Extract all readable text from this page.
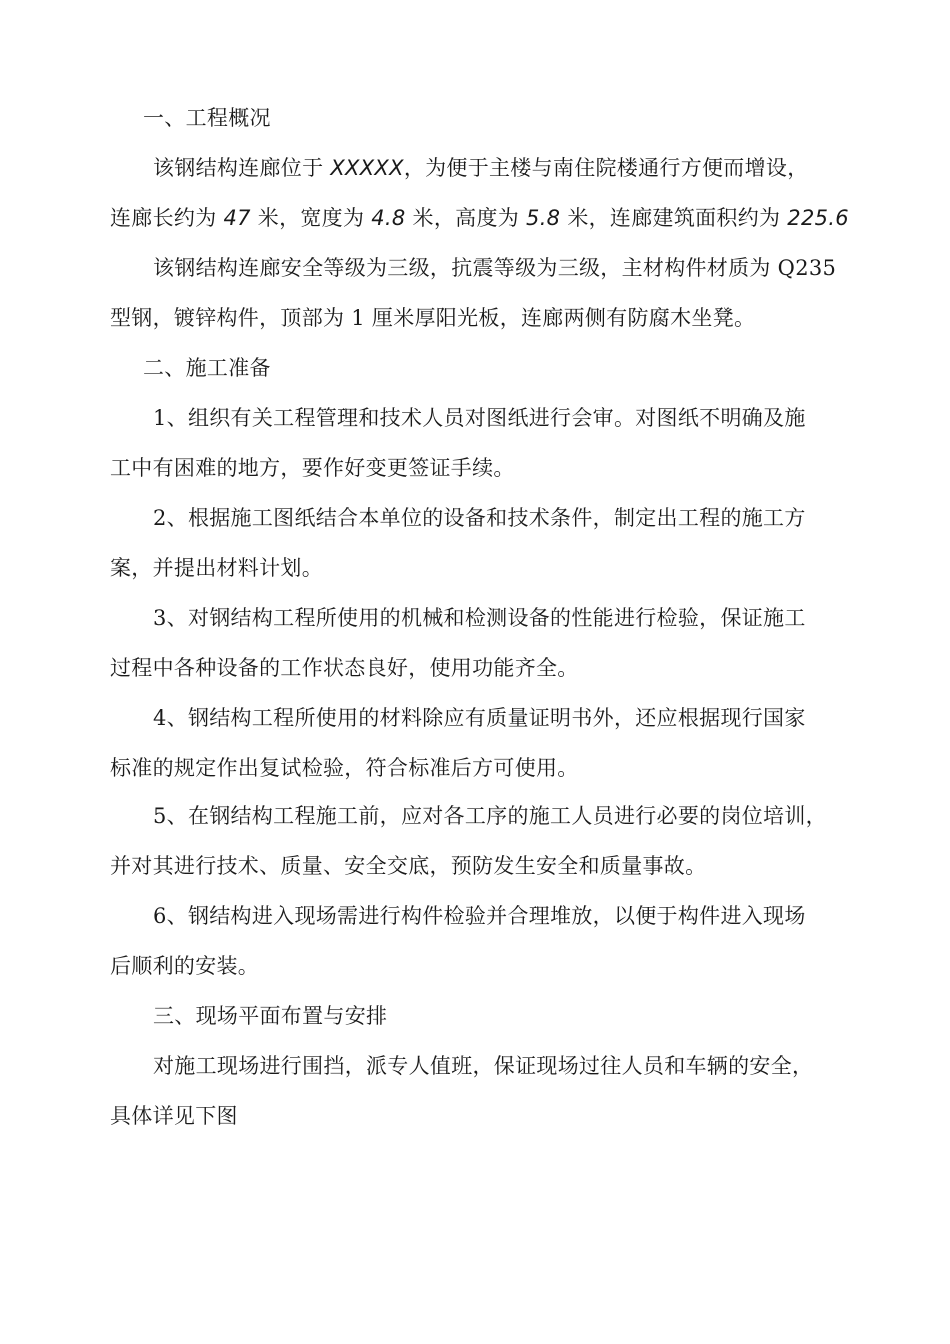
一、工程概况
该钢结构连廊位于 XXXXX，为便于主楼与南住院楼通行方便而增设，
连廊长约为 47 米，宽度为 4.8 米，高度为 5.8 米，连廊建筑面积约为 225.6
该钢结构连廊安全等级为三级，抗震等级为三级，主材构件材质为 Q235
型钢，镀锌构件，顶部为 1 厘米厚阳光板，连廊两侧有防腐木坐凳。
二、施工准备
1、组织有关工程管理和技术人员对图纸进行会审。对图纸不明确及施
工中有困难的地方，要作好变更签证手续。
2、根据施工图纸结合本单位的设备和技术条件，制定出工程的施工方
案，并提出材料计划。
3、对钢结构工程所使用的机械和检测设备的性能进行检验，保证施工
过程中各种设备的工作状态良好，使用功能齐全。
4、钢结构工程所使用的材料除应有质量证明书外，还应根据现行国家
标准的规定作出复试检验，符合标准后方可使用。
5、在钢结构工程施工前，应对各工序的施工人员进行必要的岗位培训，
并对其进行技术、质量、安全交底，预防发生安全和质量事故。
6、钢结构进入现场需进行构件检验并合理堆放，以便于构件进入现场
后顺利的安装。
三、现场平面布置与安排
对施工现场进行围挡，派专人值班，保证现场过往人员和车辆的安全，
具体详见下图
